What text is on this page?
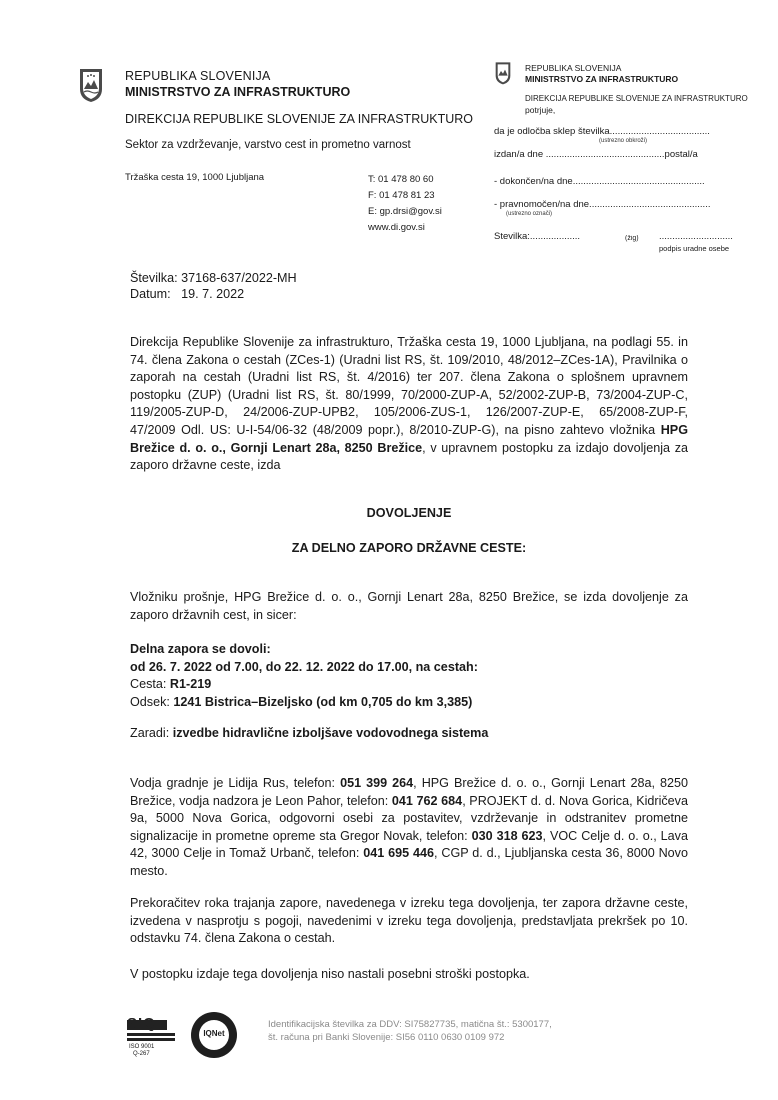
REPUBLIKA SLOVENIJA
MINISTRSTVO ZA INFRASTRUKTURO
DIREKCIJA REPUBLIKE SLOVENIJE ZA INFRASTRUKTURO
Sektor za vzdrževanje, varstvo cest in prometno varnost
Tržaška cesta 19, 1000 Ljubljana	T: 01 478 80 60
F: 01 478 81 23
E: gp.drsi@gov.si
www.di.gov.si
REPUBLIKA SLOVENIJA
MINISTRSTVO ZA INFRASTRUKTURO
DIREKCIJA REPUBLIKE SLOVENIJE ZA INFRASTRUKTURO
potrjuje,
da je odločba sklep številka......................................
(ustrezno obkroži)
izdan/a dne .............................................postal/a
- dokončen/na dne..................................................
- pravnomočen/na dne..............................................
(ustrezno označi)
Številka:...................	(žig)	............................
podpis uradne osebe
Številka: 37168-637/2022-MH
Datum:   19. 7. 2022
Direkcija Republike Slovenije za infrastrukturo, Tržaška cesta 19, 1000 Ljubljana, na podlagi 55. in 74. člena Zakona o cestah (ZCes-1) (Uradni list RS, št. 109/2010, 48/2012–ZCes-1A), Pravilnika o zaporah na cestah (Uradni list RS, št. 4/2016) ter 207. člena Zakona o splošnem upravnem postopku (ZUP) (Uradni list RS, št. 80/1999, 70/2000-ZUP-A, 52/2002-ZUP-B, 73/2004-ZUP-C, 119/2005-ZUP-D, 24/2006-ZUP-UPB2, 105/2006-ZUS-1, 126/2007-ZUP-E, 65/2008-ZUP-F, 47/2009 Odl. US: U-I-54/06-32 (48/2009 popr.), 8/2010-ZUP-G), na pisno zahtevo vložnika HPG Brežice d. o. o., Gornji Lenart 28a, 8250 Brežice, v upravnem postopku za izdajo dovoljenja za zaporo državne ceste, izda
DOVOLJENJE
ZA DELNO ZAPORO DRŽAVNE CESTE:
Vložniku prošnje, HPG Brežice d. o. o., Gornji Lenart 28a, 8250 Brežice, se izda dovoljenje za zaporo državnih cest, in sicer:
Delna zapora se dovoli:
od 26. 7. 2022 od 7.00, do 22. 12. 2022 do 17.00, na cestah:
Cesta: R1-219
Odsek: 1241 Bistrica–Bizeljsko (od km 0,705 do km 3,385)
Zaradi: izvedbe hidravlične izboljšave vodovodnega sistema
Vodja gradnje je Lidija Rus, telefon: 051 399 264, HPG Brežice d. o. o., Gornji Lenart 28a, 8250 Brežice, vodja nadzora je Leon Pahor, telefon: 041 762 684, PROJEKT d. d. Nova Gorica, Kidričeva 9a, 5000 Nova Gorica, odgovorni osebi za postavitev, vzdrževanje in odstranitev prometne signalizacije in prometne opreme sta Gregor Novak, telefon: 030 318 623, VOC Celje d. o. o., Lava 42, 3000 Celje in Tomaž Urbanč, telefon: 041 695 446, CGP d. d., Ljubljanska cesta 36, 8000 Novo mesto.
Prekoračitev roka trajanja zapore, navedenega v izreku tega dovoljenja, ter zapora državne ceste, izvedena v nasprotju s pogoji, navedenimi v izreku tega dovoljenja, predstavljata prekršek po 10. odstavku 74. člena Zakona o cestah.
V postopku izdaje tega dovoljenja niso nastali posebni stroški postopka.
SIQ
ISO 9001
Q-267
IQNet
Identifikacijska številka za DDV: SI75827735, matična št.: 5300177,
št. računa pri Banki Slovenije: SI56 0110 0630 0109 972
